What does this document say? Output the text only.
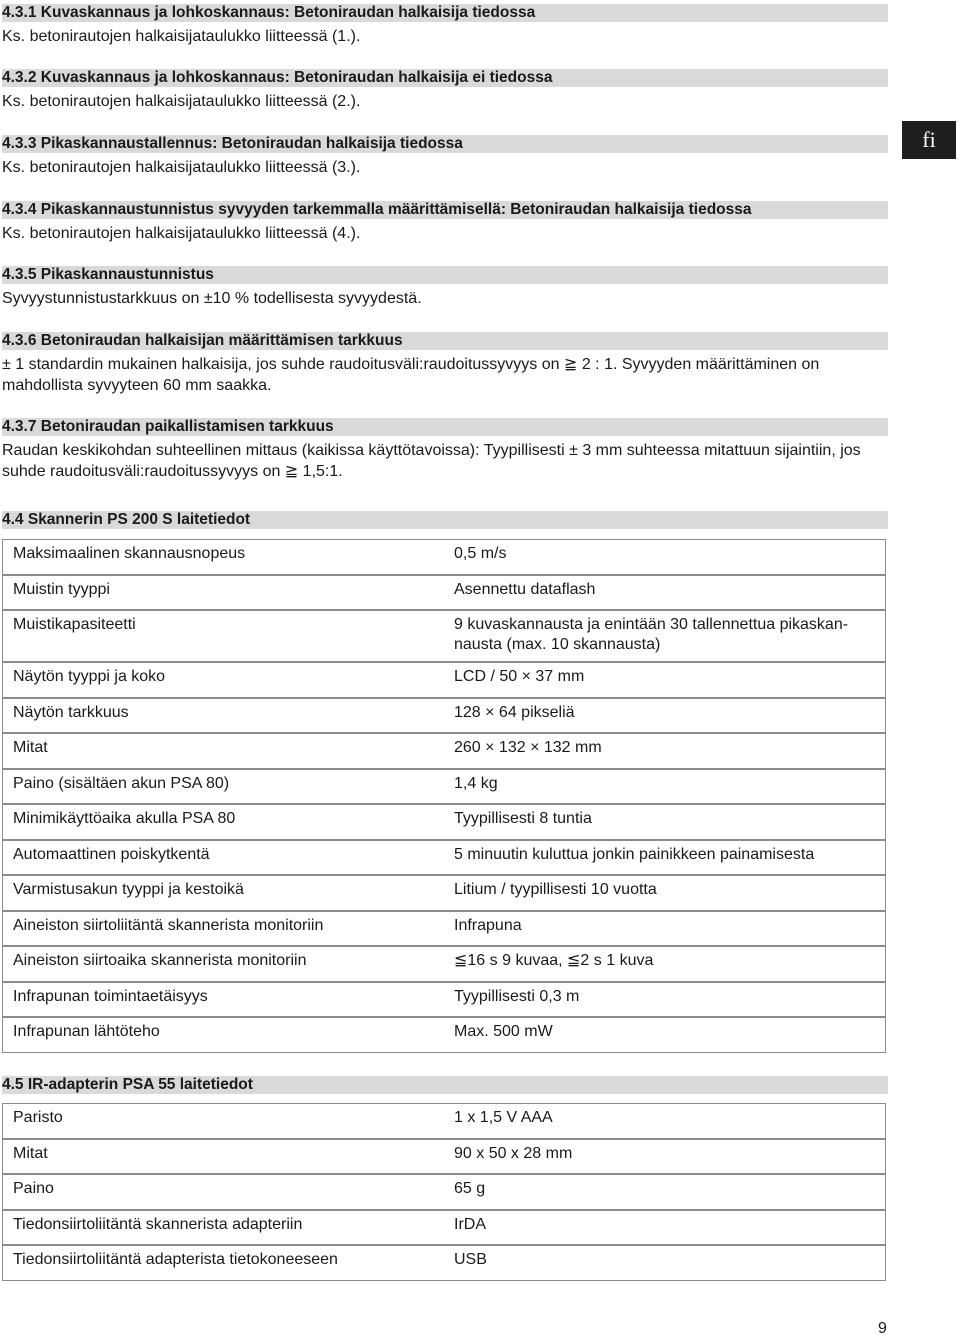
fi
4.3.1 Kuvaskannaus ja lohkoskannaus: Betoniraudan halkaisija tiedossa
Ks. betonirautojen halkaisijataulukko liitteessä (1.).
4.3.2 Kuvaskannaus ja lohkoskannaus: Betoniraudan halkaisija ei tiedossa
Ks. betonirautojen halkaisijataulukko liitteessä (2.).
4.3.3 Pikaskannaustallennus: Betoniraudan halkaisija tiedossa
Ks. betonirautojen halkaisijataulukko liitteessä (3.).
4.3.4 Pikaskannaustunnistus syvyyden tarkemmalla määrittämisellä: Betoniraudan halkaisija tiedossa
Ks. betonirautojen halkaisijataulukko liitteessä (4.).
4.3.5 Pikaskannaustunnistus
Syvyystunnistustarkkuus on ±10 % todellisesta syvyydestä.
4.3.6 Betoniraudan halkaisijan määrittämisen tarkkuus
± 1 standardin mukainen halkaisija, jos suhde raudoitusväli:raudoitussyvyys on ≧ 2 : 1. Syvyyden määrittäminen on mahdollista syvyyteen 60 mm saakka.
4.3.7 Betoniraudan paikallistamisen tarkkuus
Raudan keskikohdan suhteellinen mittaus (kaikissa käyttötavoissa): Tyypillisesti ± 3 mm suhteessa mitattuun sijaintiin, jos suhde raudoitusväli:raudoitussyvyys on ≧ 1,5:1.
4.4 Skannerin PS 200 S laitetiedot
Maksimaalinen skannausnopeus		0,5 m/s
Muistin tyyppi		Asennettu dataflash
Muistikapasiteetti		9 kuvaskannausta ja enintään 30 tallennettua pikaskan-nausta (max. 10 skannausta)
Näytön tyyppi ja koko		LCD / 50 × 37 mm
Näytön tarkkuus		128 × 64 pikseliä
Mitat		260 × 132 × 132 mm
Paino (sisältäen akun PSA 80)		1,4 kg
Minimikäyttöaika akulla PSA 80		Tyypillisesti 8 tuntia
Automaattinen poiskytkentä		5 minuutin kuluttua jonkin painikkeen painamisesta
Varmistusakun tyyppi ja kestoikä		Litium / tyypillisesti 10 vuotta
Aineiston siirtoliitäntä skannerista monitoriin		Infrapuna
Aineiston siirtoaika skannerista monitoriin		≦16 s 9 kuvaa, ≦2 s 1 kuva
Infrapunan toimintaetäisyys		Tyypillisesti 0,3 m
Infrapunan lähtöteho		Max. 500 mW
4.5 IR-adapterin PSA 55 laitetiedot
Paristo		1 x 1,5 V AAA
Mitat		90 x 50 x 28 mm
Paino		65 g
Tiedonsiirtoliitäntä skannerista adapteriin		IrDA
Tiedonsiirtoliitäntä adapterista tietokoneeseen		USB
9
